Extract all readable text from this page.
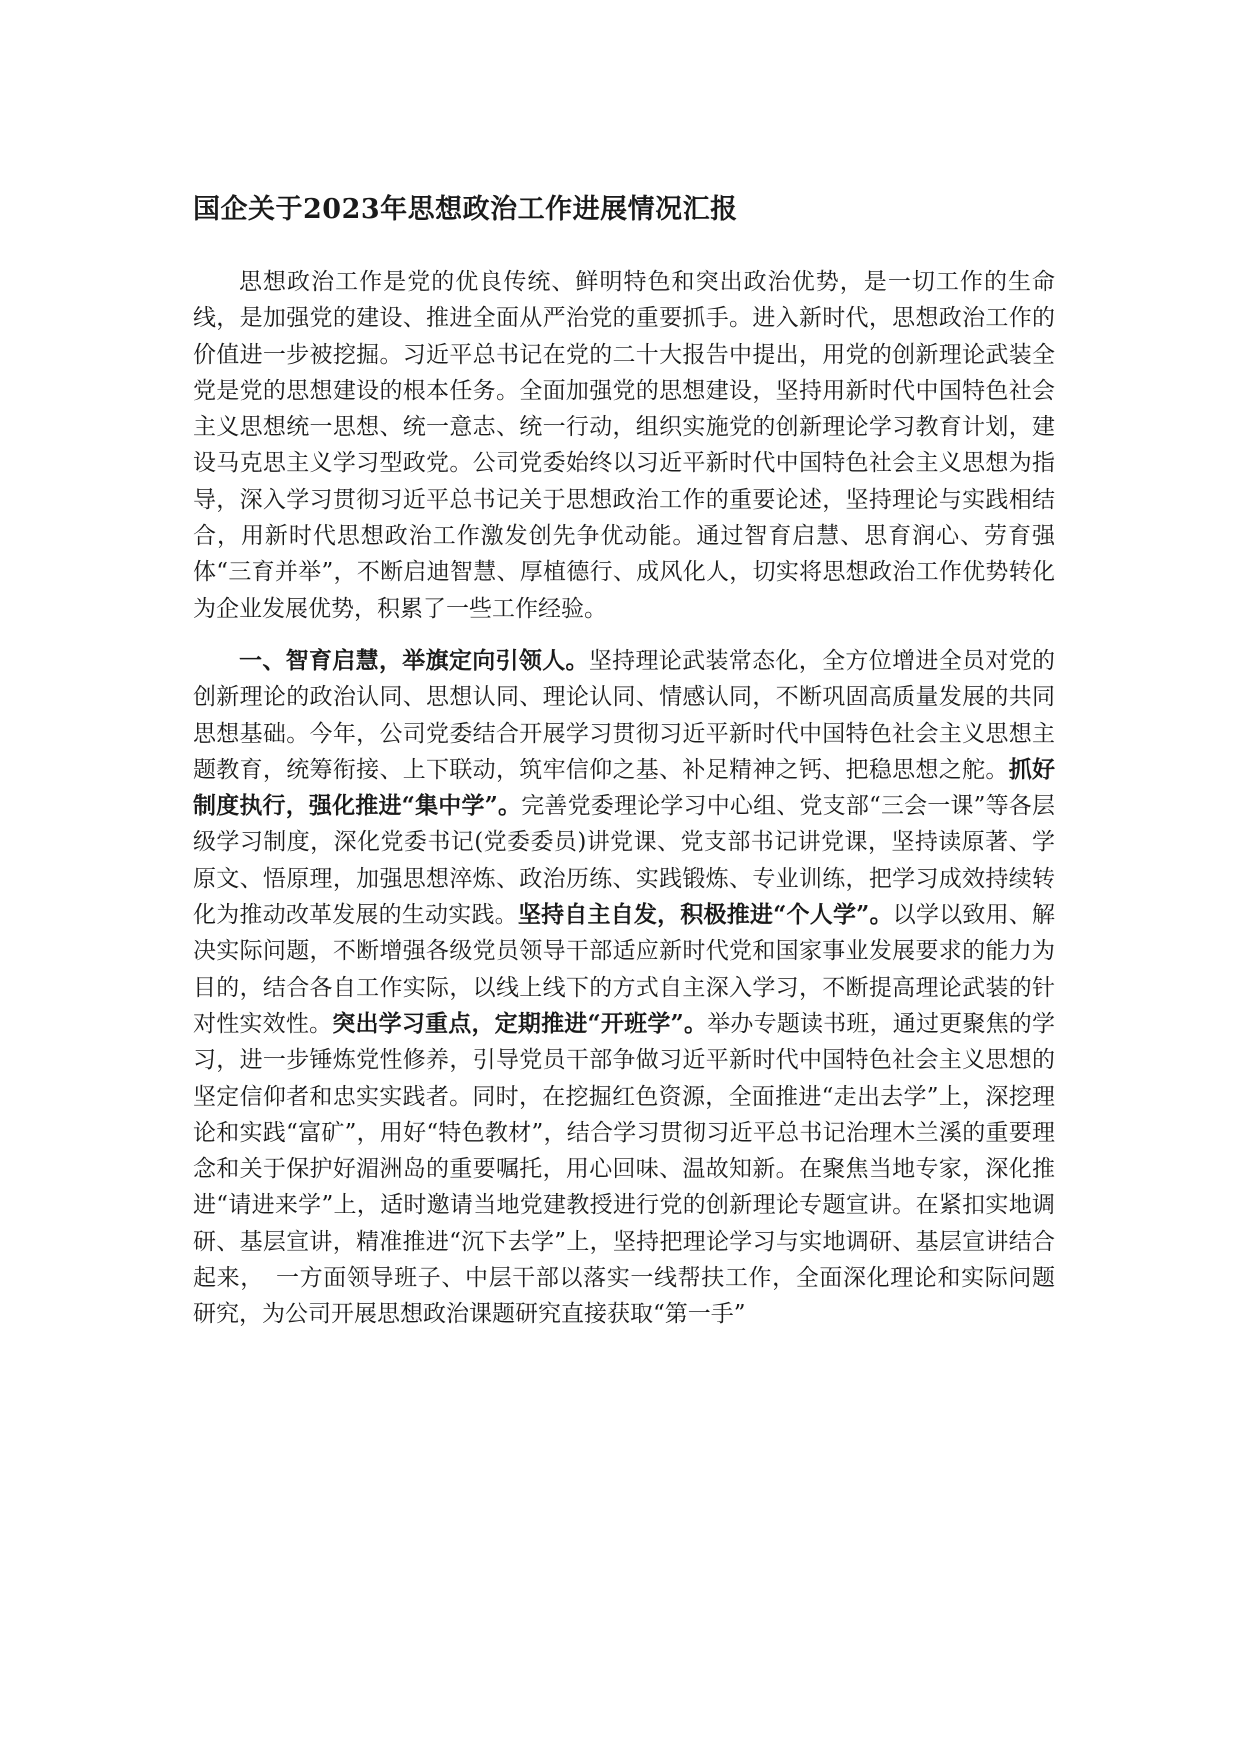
国企关于2023年思想政治工作进展情况汇报

思想政治工作是党的优良传统、鲜明特色和突出政治优势，是一切工作的生命线，是加强党的建设、推进全面从严治党的重要抓手。进入新时代，思想政治工作的价值进一步被挖掘。习近平总书记在党的二十大报告中提出，用党的创新理论武装全党是党的思想建设的根本任务。全面加强党的思想建设，坚持用新时代中国特色社会主义思想统一思想、统一意志、统一行动，组织实施党的创新理论学习教育计划，建设马克思主义学习型政党。公司党委始终以习近平新时代中国特色社会主义思想为指导，深入学习贯彻习近平总书记关于思想政治工作的重要论述，坚持理论与实践相结合，用新时代思想政治工作激发创先争优动能。通过智育启慧、思育润心、劳育强体“三育并举”，不断启迪智慧、厚植德行、成风化人，切实将思想政治工作优势转化为企业发展优势，积累了一些工作经验。

一、智育启慧，举旗定向引领人。坚持理论武装常态化，全方位增进全员对党的创新理论的政治认同、思想认同、理论认同、情感认同，不断巩固高质量发展的共同思想基础。今年，公司党委结合开展学习贯彻习近平新时代中国特色社会主义思想主题教育，统筹衔接、上下联动，筑牢信仰之基、补足精神之钙、把稳思想之舵。抓好制度执行，强化推进“集中学”。完善党委理论学习中心组、党支部“三会一课”等各层级学习制度，深化党委书记(党委委员)讲党课、党支部书记讲党课，坚持读原著、学原文、悟原理，加强思想淬炼、政治历练、实践锻炼、专业训练，把学习成效持续转化为推动改革发展的生动实践。坚持自主自发，积极推进“个人学”。以学以致用、解决实际问题，不断增强各级党员领导干部适应新时代党和国家事业发展要求的能力为目的，结合各自工作实际，以线上线下的方式自主深入学习，不断提高理论武装的针对性实效性。突出学习重点，定期推进“开班学”。举办专题读书班，通过更聚焦的学习，进一步锤炼党性修养，引导党员干部争做习近平新时代中国特色社会主义思想的坚定信仰者和忠实实践者。同时，在挖掘红色资源，全面推进“走出去学”上，深挖理论和实践“富矿”，用好“特色教材”，结合学习贯彻习近平总书记治理木兰溪的重要理念和关于保护好湄洲岛的重要嘱托，用心回味、温故知新。在聚焦当地专家，深化推进“请进来学”上，适时邀请当地党建教授进行党的创新理论专题宣讲。在紧扣实地调研、基层宣讲，精准推进“沉下去学”上，坚持把理论学习与实地调研、基层宣讲结合起来，　一方面领导班子、中层干部以落实一线帮扶工作，全面深化理论和实际问题研究，为公司开展思想政治课题研究直接获取“第一手”
